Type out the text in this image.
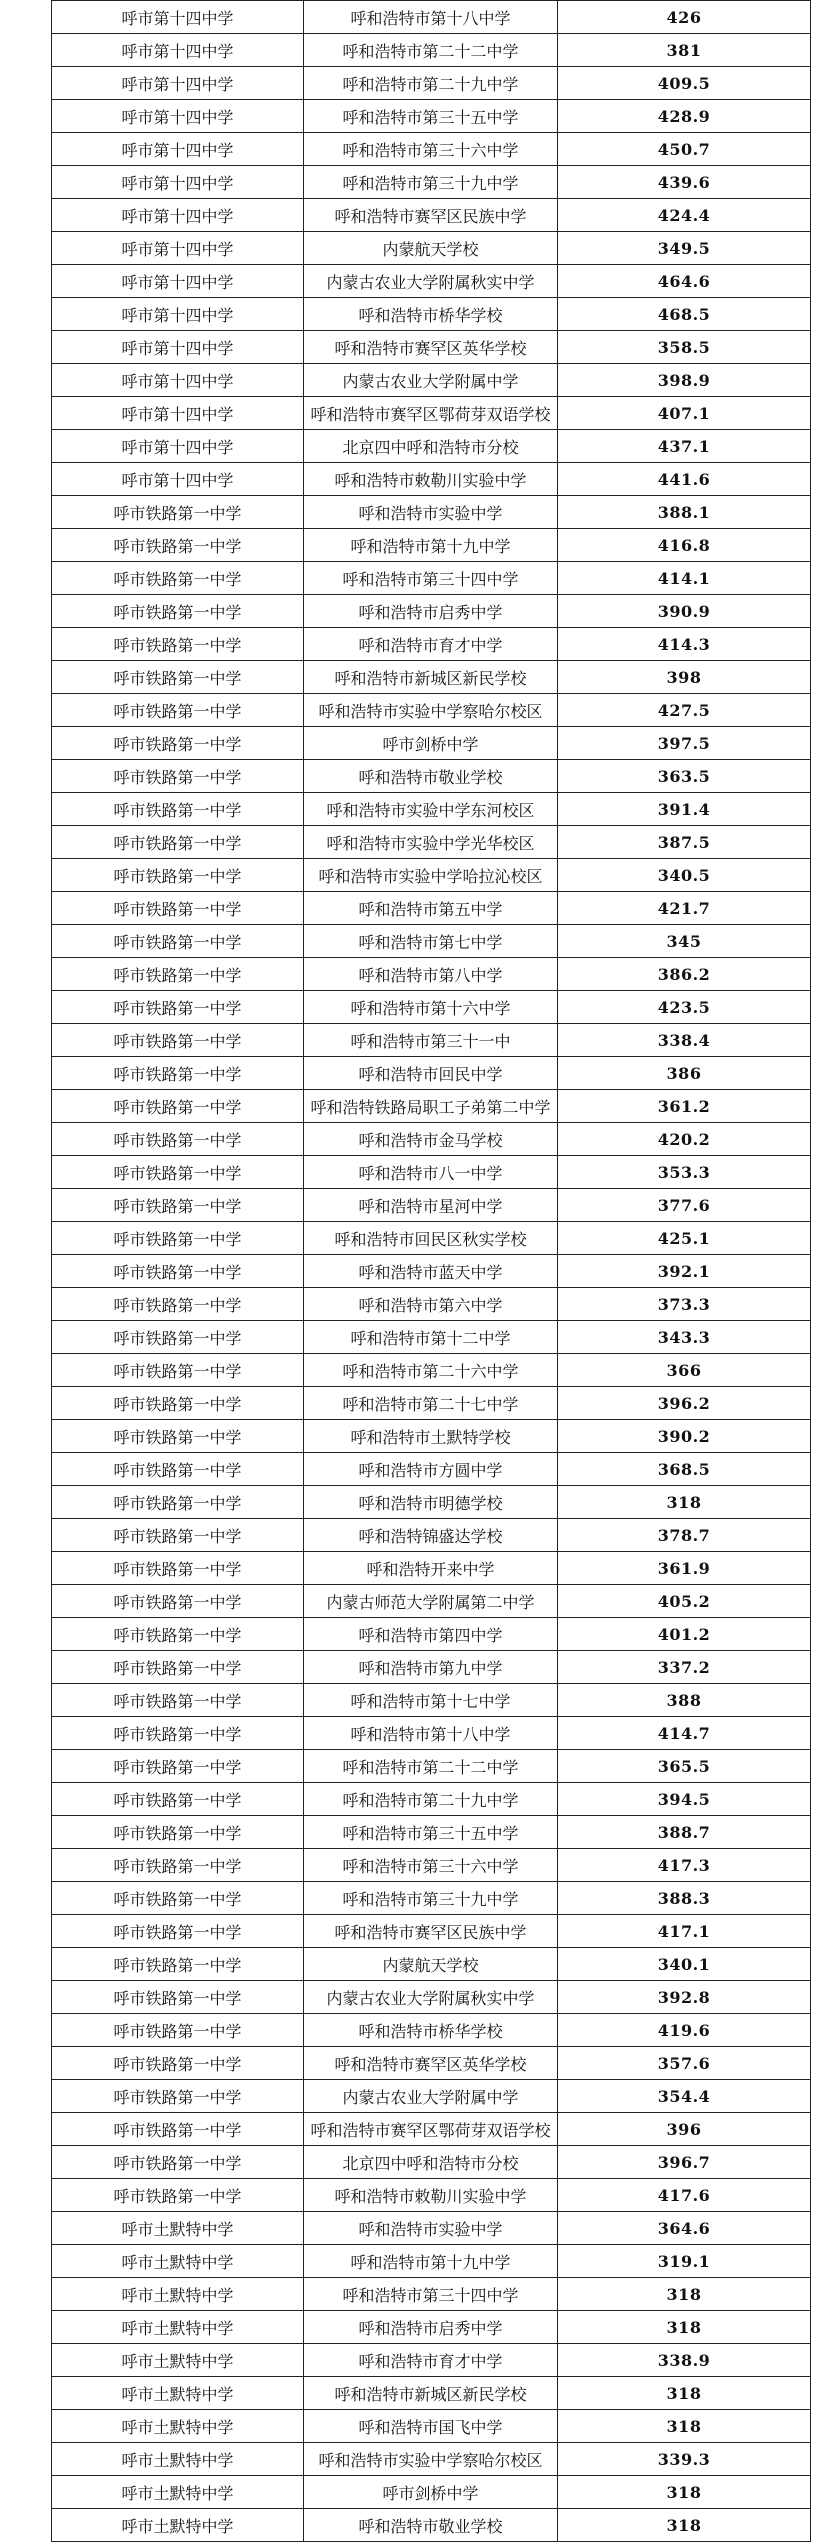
呼市第十四中学	呼和浩特市第十八中学	426
呼市第十四中学	呼和浩特市第二十二中学	381
呼市第十四中学	呼和浩特市第二十九中学	409.5
呼市第十四中学	呼和浩特市第三十五中学	428.9
呼市第十四中学	呼和浩特市第三十六中学	450.7
呼市第十四中学	呼和浩特市第三十九中学	439.6
呼市第十四中学	呼和浩特市赛罕区民族中学	424.4
呼市第十四中学	内蒙航天学校	349.5
呼市第十四中学	内蒙古农业大学附属秋实中学	464.6
呼市第十四中学	呼和浩特市桥华学校	468.5
呼市第十四中学	呼和浩特市赛罕区英华学校	358.5
呼市第十四中学	内蒙古农业大学附属中学	398.9
呼市第十四中学	呼和浩特市赛罕区鄂荷芽双语学校	407.1
呼市第十四中学	北京四中呼和浩特市分校	437.1
呼市第十四中学	呼和浩特市敕勒川实验中学	441.6
呼市铁路第一中学	呼和浩特市实验中学	388.1
呼市铁路第一中学	呼和浩特市第十九中学	416.8
呼市铁路第一中学	呼和浩特市第三十四中学	414.1
呼市铁路第一中学	呼和浩特市启秀中学	390.9
呼市铁路第一中学	呼和浩特市育才中学	414.3
呼市铁路第一中学	呼和浩特市新城区新民学校	398
呼市铁路第一中学	呼和浩特市实验中学察哈尔校区	427.5
呼市铁路第一中学	呼市剑桥中学	397.5
呼市铁路第一中学	呼和浩特市敬业学校	363.5
呼市铁路第一中学	呼和浩特市实验中学东河校区	391.4
呼市铁路第一中学	呼和浩特市实验中学光华校区	387.5
呼市铁路第一中学	呼和浩特市实验中学哈拉沁校区	340.5
呼市铁路第一中学	呼和浩特市第五中学	421.7
呼市铁路第一中学	呼和浩特市第七中学	345
呼市铁路第一中学	呼和浩特市第八中学	386.2
呼市铁路第一中学	呼和浩特市第十六中学	423.5
呼市铁路第一中学	呼和浩特市第三十一中	338.4
呼市铁路第一中学	呼和浩特市回民中学	386
呼市铁路第一中学	呼和浩特铁路局职工子弟第二中学	361.2
呼市铁路第一中学	呼和浩特市金马学校	420.2
呼市铁路第一中学	呼和浩特市八一中学	353.3
呼市铁路第一中学	呼和浩特市星河中学	377.6
呼市铁路第一中学	呼和浩特市回民区秋实学校	425.1
呼市铁路第一中学	呼和浩特市蓝天中学	392.1
呼市铁路第一中学	呼和浩特市第六中学	373.3
呼市铁路第一中学	呼和浩特市第十二中学	343.3
呼市铁路第一中学	呼和浩特市第二十六中学	366
呼市铁路第一中学	呼和浩特市第二十七中学	396.2
呼市铁路第一中学	呼和浩特市土默特学校	390.2
呼市铁路第一中学	呼和浩特市方圆中学	368.5
呼市铁路第一中学	呼和浩特市明德学校	318
呼市铁路第一中学	呼和浩特锦盛达学校	378.7
呼市铁路第一中学	呼和浩特开来中学	361.9
呼市铁路第一中学	内蒙古师范大学附属第二中学	405.2
呼市铁路第一中学	呼和浩特市第四中学	401.2
呼市铁路第一中学	呼和浩特市第九中学	337.2
呼市铁路第一中学	呼和浩特市第十七中学	388
呼市铁路第一中学	呼和浩特市第十八中学	414.7
呼市铁路第一中学	呼和浩特市第二十二中学	365.5
呼市铁路第一中学	呼和浩特市第二十九中学	394.5
呼市铁路第一中学	呼和浩特市第三十五中学	388.7
呼市铁路第一中学	呼和浩特市第三十六中学	417.3
呼市铁路第一中学	呼和浩特市第三十九中学	388.3
呼市铁路第一中学	呼和浩特市赛罕区民族中学	417.1
呼市铁路第一中学	内蒙航天学校	340.1
呼市铁路第一中学	内蒙古农业大学附属秋实中学	392.8
呼市铁路第一中学	呼和浩特市桥华学校	419.6
呼市铁路第一中学	呼和浩特市赛罕区英华学校	357.6
呼市铁路第一中学	内蒙古农业大学附属中学	354.4
呼市铁路第一中学	呼和浩特市赛罕区鄂荷芽双语学校	396
呼市铁路第一中学	北京四中呼和浩特市分校	396.7
呼市铁路第一中学	呼和浩特市敕勒川实验中学	417.6
呼市土默特中学	呼和浩特市实验中学	364.6
呼市土默特中学	呼和浩特市第十九中学	319.1
呼市土默特中学	呼和浩特市第三十四中学	318
呼市土默特中学	呼和浩特市启秀中学	318
呼市土默特中学	呼和浩特市育才中学	338.9
呼市土默特中学	呼和浩特市新城区新民学校	318
呼市土默特中学	呼和浩特市国飞中学	318
呼市土默特中学	呼和浩特市实验中学察哈尔校区	339.3
呼市土默特中学	呼市剑桥中学	318
呼市土默特中学	呼和浩特市敬业学校	318
